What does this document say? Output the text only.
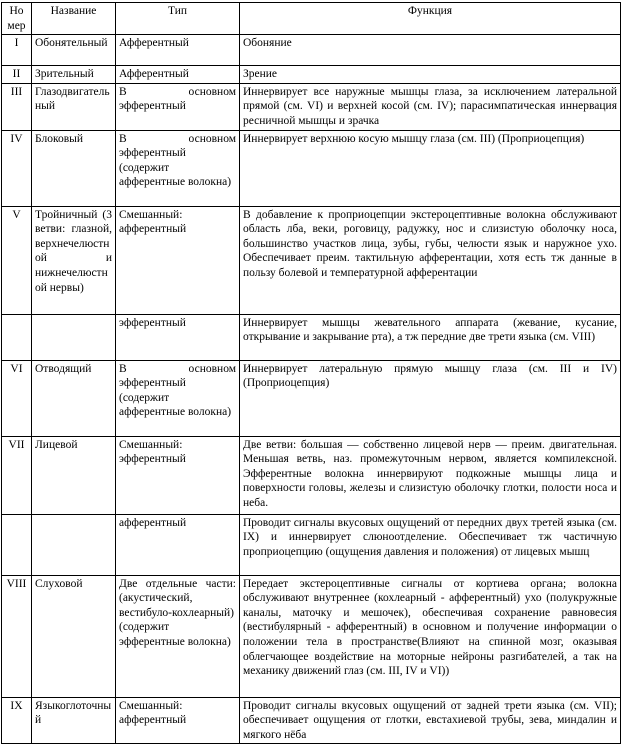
Но мер	Название	Тип	Функция
I	Обонятельный	Афферентный	Обоняние
II	Зрительный	Афферентный	Зрение
III	Глазодвигательный	В основном эфферентный	Иннервирует все наружные мышцы глаза, за исключением латеральной прямой (см. VI) и верхней косой (см. IV); парасимпатическая иннервация ресничной мышцы и зрачка
IV	Блоковый	В основном эфферентный (содержит афферентные волокна)	Иннервирует верхнюю косую мышцу глаза (см. III) (Проприоцепция)
V	Тройничный (3 ветви: глазной, верхнечелюстной и нижнечелюстной нервы)	Смешанный: афферентный	В добавление к проприоцепции экстероцептивные волокна обслуживают область лба, веки, роговицу, радужку, нос и слизистую оболочку носа, большинство участков лица, зубы, губы, челюсти язык и наружное ухо. Обеспечивает преим. тактильную афферентации, хотя есть тж данные в пользу болевой и температурной афферентации
		эфферентный	Иннервирует мышцы жевательного аппарата (жевание, кусание, открывание и закрывание рта), а тж передние две трети языка (см. VIII)
VI	Отводящий	В основном эфферентный (содержит афферентные волокна)	Иннервирует латеральную прямую мышцу глаза (см. III и IV) (Проприоцепция)
VII	Лицевой	Смешанный: эфферентный	Две ветви: большая — собственно лицевой нерв — преим. двигательная. Меньшая ветвь, наз. промежуточным нервом, является компилексной. Эфферентные волокна иннервируют подкожные мышцы лица и поверхности головы, железы и слизистую оболочку глотки, полости носа и неба.
		афферентный	Проводит сигналы вкусовых ощущений от передних двух третей языка (см. IX) и иннервирует слюноотделение. Обеспечивает тж частичную проприоцепцию (ощущения давления и положения) от лицевых мышц
VIII	Слуховой	Две отдельные части: (акустический, вестибуло-кохлеарный)(содержит эфферентные волокна)	Передает экстероцептивные сигналы от кортиева органа; волокна обслуживают внутреннее (кохлеарный - афферентный) ухо (полукружные каналы, маточку и мешочек), обеспечивая сохранение равновесия (вестибулярный - афферентный) в основном и получение информации о положении тела в пространстве(Влияют на спинной мозг, оказывая облегчающее воздействие на моторные нейроны разгибателей, а так на механику движений глаз (см. III, IV и VI))
IX	Языкоглоточный	Смешанный: афферентный	Проводит сигналы вкусовых ощущений от задней трети языка (см. VII); обеспечивает ощущения от глотки, евстахиевой трубы, зева, миндалин и мягкого нёба
